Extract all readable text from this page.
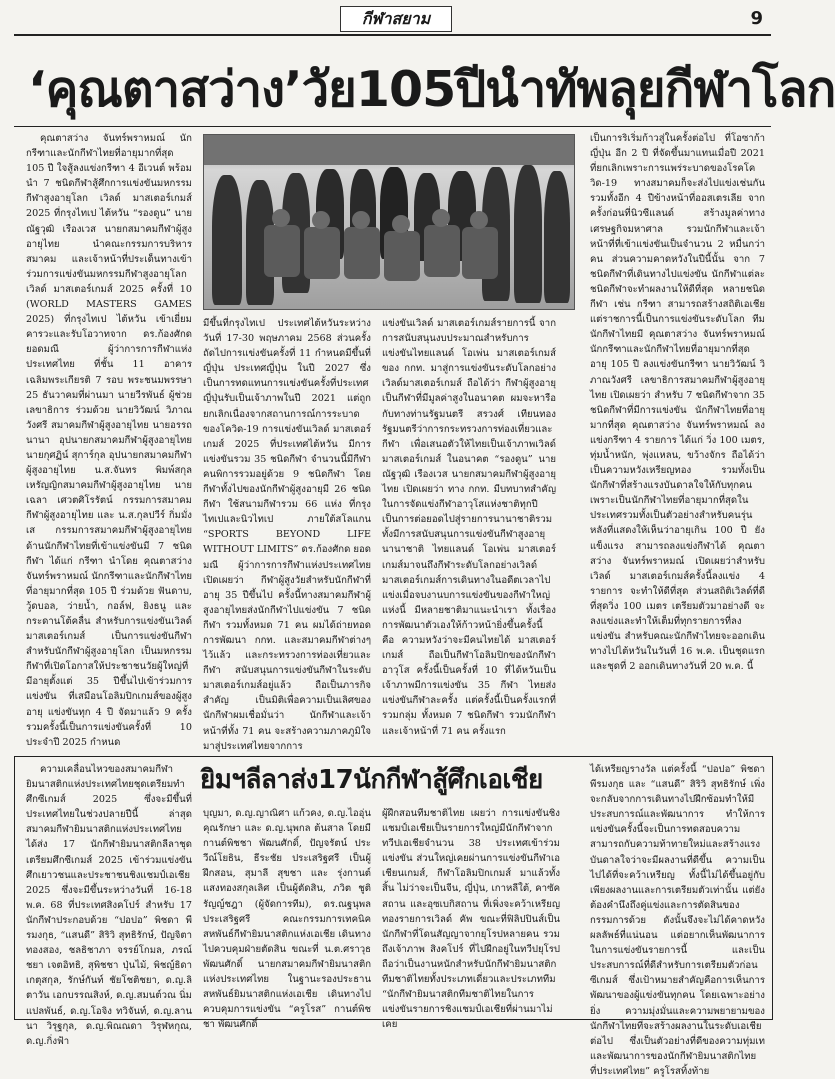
กีฬาสยาม	9
‘คุณตาสว่าง’วัย105ปีนำทัพลุยกีฬาโลก

คุณตาสว่าง จันทร์พราหมณ์ นักกรีฑาและนักกีฬาไทยที่อายุมากที่สุด 105 ปี ใจสู้ลงแข่งกรีฑา 4 อีเวนต์ พร้อมนำ 7 ชนิดกีฬาสู้ศึกการแข่งขันมหกรรมกีฬาสูงอายุโลก เวิลด์ มาสเตอร์เกมส์ 2025 ที่กรุงไทเป ไต้หวัน “รองดูน” นายณัฐวุฒิ เรืองเวส นายกสมาคมกีฬาผู้สูงอายุไทย นำคณะกรรมการบริหารสมาคม และเจ้าหน้าที่ประเด็นทางเข้าร่วมการแข่งขันมหกรรมกีฬาสูงอายุโลก เวิลด์ มาสเตอร์เกมส์ 2025 ครั้งที่ 10 (WORLD MASTERS GAMES 2025) ที่กรุงไทเป ไต้หวัน เข้าเยี่ยมคารวะและรับโอวาทจาก ดร.ก้องศักด ยอดมณี ผู้ว่าการการกีฬาแห่งประเทศไทย ที่ชั้น 11 อาคารเฉลิมพระเกียรติ 7 รอบ พระชนมพรรษา 25 ธันวาคมที่ผ่านมา นายวีรพันธ์ ผู้ช่วยเลขาธิการ ร่วมด้วย นายวิวัฒน์ วิภาณวังศรี สมาคมกีฬาผู้สูงอายุไทย นายอรรถ นานา อุปนายกสมาคมกีฬาผู้สูงอายุไทย นายกุศฏิน์ สุการ์กุล อุปนายกสมาคมกีฬาผู้สูงอายุไทย น.ส.จันทร พิมพ์สกุล เหรัญญิกสมาคมกีฬาผู้สูงอายุไทย นายเฉลา เศวตศิโรรัตน์ กรรมการสมาคมกีฬาผู้สูงอายุไทย และ น.ส.กุลปวีร์ กิ่มมั่งเส กรรมการสมาคมกีฬาผู้สูงอายุไทย ด้านนักกีฬาไทยที่เข้าแข่งขันมี 7 ชนิดกีฬา ได้แก่ กรีฑา นำโดย คุณตาสว่าง จันทร์พราหมณ์ นักกรีฑาและนักกีฬาไทยที่อายุมากที่สุด 105 ปี ร่วมด้วย ฟันดาบ, วู้ดบอล, ว่ายน้ำ, กอล์ฟ, ยิงธนู และกระดานโต้คลื่น สำหรับการแข่งขันเวิลด์ มาสเตอร์เกมส์ เป็นการแข่งขันกีฬาสำหรับนักกีฬาผู้สูงอายุโลก เป็นมหกรรมกีฬาที่เปิดโอกาสให้ประชาชนวัยผู้ใหญ่ที่มีอายุตั้งแต่ 35 ปีขึ้นไปเข้าร่วมการแข่งขัน ที่เสมือนโอลิมปิกเกมส์ของผู้สูงอายุ แข่งขันทุก 4 ปี จัดมาแล้ว 9 ครั้ง รวมครั้งนี้เป็นการแข่งขันครั้งที่ 10 ประจำปี 2025 กำหนด

มีขึ้นที่กรุงไทเป ประเทศไต้หวันระหว่างวันที่ 17-30 พฤษภาคม 2568 ส่วนครั้งถัดไปการแข่งขันครั้งที่ 11 กำหนดมีขึ้นที่ญี่ปุ่น ประเทศญี่ปุ่น ในปี 2027 ซึ่งเป็นการทดแทนการแข่งขันครั้งที่ประเทศญี่ปุ่นรับเป็นเจ้าภาพในปี 2021 แต่ถูกยกเลิกเนื่องจากสถานการณ์การระบาดของโควิด-19 การแข่งขันเวิลด์ มาสเตอร์เกมส์ 2025 ที่ประเทศไต้หวัน มีการแข่งขันรวม 35 ชนิดกีฬา จำนวนนี้มีกีฬาคนพิการรวมอยู่ด้วย 9 ชนิดกีฬา โดยกีฬาทั้งไปของนักกีฬาผู้สูงอายุมี 26 ชนิดกีฬา ใช้สนามกีฬารวม 66 แห่ง ที่กรุงไทเปและนิวไทเป ภายใต้สโลแกน “SPORTS BEYOND LIFE WITHOUT LIMITS” ดร.ก้องศักด ยอดมณี ผู้ว่าการการกีฬาแห่งประเทศไทย เปิดเผยว่า กีฬาผู้สูงวัยสำหรับนักกีฬาที่อายุ 35 ปีขึ้นไป ครั้งนี้ทางสมาคมกีฬาผู้สูงอายุไทยส่งนักกีฬาไปแข่งขัน 7 ชนิดกีฬา รวมทั้งหมด 71 คน ผมได้ถ่ายทอดการพัฒนา กกท. และสมาคมกีฬาต่างๆ ไว้แล้ว และกระทรวงการท่องเที่ยวและกีฬา สนับสนุนการแข่งขันกีฬาในระดับมาสเตอร์เกมส์อยู่แล้ว ถือเป็นภารกิจสำคัญ เป็นมิติเพื่อความเป็นเลิศของนักกีฬาผมเชื่อมั่นว่า นักกีฬาและเจ้าหน้าที่ทั้ง 71 คน จะสร้างความภาคภูมิใจมาสู่ประเทศไทยจากการ

แข่งขันเวิลด์ มาสเตอร์เกมส์รายการนี้ จากการสนับสนุนงบประมาณสำหรับการแข่งขันไทยแลนด์ โอเพ่น มาสเตอร์เกมส์ ของ กกท. มาสู่การแข่งขันระดับโลกอย่างเวิลด์มาสเตอร์เกมส์ ถือได้ว่า กีฬาผู้สูงอายุเป็นกีฬาที่มีมูลค่าสูงในอนาคต ผมจะหารือกับทางท่านรัฐมนตรี สรวงศ์ เทียนทอง รัฐมนตรีว่าการกระทรวงการท่องเที่ยวและกีฬา เพื่อเสนอตัวให้ไทยเป็นเจ้าภาพเวิลด์ มาสเตอร์เกมส์ ในอนาคต “รองดูน” นายณัฐวุฒิ เรืองเวส นายกสมาคมกีฬาผู้สูงอายุไทย เปิดเผยว่า ทาง กกท. มีบทบาทสำคัญในการจัดแข่งกีฬาอาวุโสแห่งชาติทุกปี เป็นการต่อยอดไปสู่รายการนานาชาติรวมทั้งมีการสนับสนุนการแข่งขันกีฬาสูงอายุนานาชาติ ไทยแลนด์ โอเพ่น มาสเตอร์เกมส์มาจนถึงกีฬาระดับโลกอย่างเวิลด์ มาสเตอร์เกมส์การเดินทางในอดีตเวลาไปแข่งเมื่อจบงานบการแข่งขันของกีฬาใหญ่แห่งนี้ มีหลายชาติมาแนะนำเรา ทั้งเรื่องการพัฒนาตัวเองให้ก้าวหน้ายิ่งขึ้นครั้งนี้ คือ ความหวังว่าจะมีคนไทยได้ มาสเตอร์เกมส์ ถือเป็นกีฬาโอลิมปิกของนักกีฬาอาวุโส ครั้งนี้เป็นครั้งที่ 10 ที่ได้หวันเป็นเจ้าภาพมีการแข่งขัน 35 กีฬา ไทยส่งแข่งขันกีฬาละครั้ง แต่ครั้งนี้เป็นครั้งแรกที่รวมกลุ่ม ทั้งหมด 7 ชนิดกีฬา รวมนักกีฬาและเจ้าหน้าที่ 71 คน ครั้งแรก

เป็นการริเริ่มก้าวสู่ในครั้งต่อไป ที่โอซาก้า ญี่ปุ่น อีก 2 ปี ที่จัดขึ้นมาแทนเมื่อปี 2021 ที่ยกเลิกเพราะการแพร่ระบาดของโรคโควิด-19 ทางสมาคมก็จะส่งไปแข่งเช่นกัน รวมทั้งอีก 4 ปีข้างหน้าที่ออสเตรเลีย จากครั้งก่อนที่นิวซีแลนด์ สร้างมูลค่าทางเศรษฐกิจมหาศาล รวมนักกีฬาและเจ้าหน้าที่ที่เข้าแข่งขันเป็นจำนวน 2 หมื่นกว่าคน ส่วนความคาดหวังในปีนี้นั้น จาก 7 ชนิดกีฬาที่เดินทางไปแข่งขัน นักกีฬาแต่ละชนิดกีฬาจะทำผลงานให้ดีที่สุด หลายชนิดกีฬา เช่น กรีฑา สามารถสร้างสถิติเอเชีย แต่ราชการนี้เป็นการแข่งขันระดับโลก ทีมนักกีฬาไทยมี คุณตาสว่าง จันทร์พราหมณ์ นักกรีฑาและนักกีฬาไทยที่อายุมากที่สุด อายุ 105 ปี ลงแข่งขันกรีฑา นายวิวัฒน์ วิภาณวังศรี เลขาธิการสมาคมกีฬาผู้สูงอายุไทย เปิดเผยว่า สำหรับ 7 ชนิดกีฬาจาก 35 ชนิดกีฬาที่มีการแข่งขัน นักกีฬาไทยที่อายุมากที่สุด คุณตาสว่าง จันทร์พราหมณ์ ลงแข่งกรีฑา 4 รายการ ได้แก่ วิ่ง 100 เมตร, ทุ่มน้ำหนัก, พุ่งแหลน, ขว้างจักร ถือได้ว่า เป็นความหวังเหรียญทอง รวมทั้งเป็นนักกีฬาที่สร้างแรงบันดาลใจให้กับทุกคนเพราะเป็นนักกีฬาไทยที่อายุมากที่สุดในประเทศรวมทั้งเป็นตัวอย่างสำหรับคนรุ่นหลังที่แสดงให้เห็นว่าอายุเกิน 100 ปี ยังแข็งแรง สามารถลงแข่งกีฬาได้ คุณตาสว่าง จันทร์พราหมณ์ เปิดเผยว่าสำหรับเวิลด์ มาสเตอร์เกมส์ครั้งนี้ลงแข่ง 4 รายการ จะทำให้ดีที่สุด ส่วนสถิติเวิลด์ที่ดีที่สุดวิ่ง 100 เมตร เตรียมตัวมาอย่างดี จะลงแข่งและทำให้เต็มที่ทุกรายการที่ลงแข่งขัน สำหรับคณะนักกีฬาไทยจะออกเดินทางไปไต้หวันในวันที่ 16 พ.ค. เป็นชุดแรก และชุดที่ 2 ออกเดินทางวันที่ 20 พ.ค. นี้

ยิมฯลีลาส่ง17นักกีฬาสู้ศึกเอเชีย

ความเคลื่อนไหวของสมาคมกีฬายิมนาสติกแห่งประเทศไทยชุดเตรียมทำศึกซีเกมส์ 2025 ซึ่งจะมีขึ้นที่ประเทศไทยในช่วงปลายปีนี้ ล่าสุดสมาคมกีฬายิมนาสติกแห่งประเทศไทยได้ส่ง 17 นักกีฬายิมนาสติกลีลาชุดเตรียมศึกซีเกมส์ 2025 เข้าร่วมแข่งขันศึกเยาวชนและประชาชนชิงแชมป์เอเชีย 2025 ซึ่งจะมีขึ้นระหว่างวันที่ 16-18 พ.ค. 68 ที่ประเทศสิงคโปร์ สำหรับ 17 นักกีฬาประกอบด้วย “ปอปอ” พิชดา พีรมงกุธ, “แสนดี” สิริวิ สุทธิรักษ์, ปัญจิตา ทองสอง, ชลธิชาภา จรรย์โกมล, ภรณ์ชยา เจตอิทธิ, สุพิชชา ปุ่นไม้, พิชญ์ธิดา เกตุสกุล, รักษ์กันท์ ชัยโชติชยา, ด.ญ.ลิตาวัน เอกบรรณสิงห์, ด.ญ.สมนต์วณ นิ่มแปลพันธ์, ด.ญ.โอจิง ทวิจันท์, ด.ญ.ลานนา วิรุฐกุล, ด.ญ.พิณณดา วิรุฬหกุณ, ด.ญ.กิ่งฟ้า

บุญมา, ด.ญ.ญาณิศา แก้วคง, ด.ญ.ไออุ่น คุณรักษา และ ด.ญ.นุพกล ต้นสาล โดยมี กานต์พิชชา พัฒนศักดิ์, ปัญจรัตน์ ประวีณ์โยธิน, ธีระชัย ประเสริฐศรี เป็นผู้ฝึกสอน, สุมาลี สุขชา และ รุ่งกานต์ แสงทองสกุลเลิศ เป็นผู้ตัดสิน, ภวิต ชูติรัญญ์ชฎา (ผู้จัดการทีม), ดร.ณฐนุพล ประเสริฐศรี คณะกรรมการเทคนิค สหพันธ์กีฬายิมนาสติกแห่งเอเชีย เดินทางไปควบคุมฝ่ายตัดสิน ขณะที่ น.ต.ศราวุธ พัฒนศักดิ์ นายกสมาคมกีฬายิมนาสติกแห่งประเทศไทย ในฐานะรองประธานสหพันธ์ยิมนาสติกแห่งเอเชีย เดินทางไปควบคุมการแข่งขัน “ครูโรส” กานต์พิชชา พัฒนศักดิ์

ผู้ฝึกสอนทีมชาติไทย เผยว่า การแข่งขันชิงแชมป์เอเชียเป็นรายการใหญ่มีนักกีฬาจากทวีปเอเชียจำนวน 38 ประเทศเข้าร่วมแข่งขัน ส่วนใหญ่เคยผ่านการแข่งขันกีฬาเอเชียนเกมส์, กีฬาโอลิมปิกเกมส์ มาแล้วทั้งสิ้น ไม่ว่าจะเป็นจีน, ญี่ปุ่น, เกาหลีใต้, คาซัคสถาน และอุซเบกิสถาน ที่เพิ่งจะคว้าเหรียญทองรายการเวิลด์ คัพ ขณะที่ฟิลิปปินส์เป็นนักกีฬาที่โดนสัญญาจากยุโรปหลายคน รวมถึงเจ้าภาพ สิงคโปร์ ที่ไปฝึกอยู่ในทวีปยุโรป ถือว่าเป็นงานหนักสำหรับนักกีฬายิมนาสติกทีมชาติไทยทั้งประเภทเดี่ยวและประเภททีม “นักกีฬายิมนาสติกทีมชาติไทยในการแข่งขันรายการชิงแชมป์เอเชียที่ผ่านมาไม่เคย

ได้เหรียญรางวัล แต่ครั้งนี้ “ปอปอ” พิชดา พีรมงกุธ และ “แสนดี” สิริวิ สุทธิรักษ์ เพิ่งจะกลับจากการเดินทางไปฝึกซ้อมทำให้มีประสบการณ์และพัฒนาการ ทำให้การแข่งขันครั้งนี้จะเป็นการทดสอบความสามารถกับความท้าทายใหม่และสร้างแรงบันดาลใจว่าจะมีผลงานที่ดีขึ้น ความเป็นไปได้ที่จะคว้าเหรียญ ทั้งนี้ไม่ได้ขึ้นอยู่กับเพียงผลงานและการเตรียมตัวเท่านั้น แต่ยังต้องคำนึงถึงคู่แข่งและการตัดสินของกรรมการด้วย ดังนั้นจึงจะไม่ได้คาดหวังผลลัพธ์ที่แน่นอน แต่อยากเห็นพัฒนาการในการแข่งขันรายการนี้ และเป็นประสบการณ์ที่ดีสำหรับการเตรียมตัวก่อนซีเกมส์ ซึ่งเป้าหมายสำคัญคือการเห็นการพัฒนาของผู้แข่งขันทุกคน โดยเฉพาะอย่างยิ่ง ความมุ่งมั่นและความพยายามของนักกีฬาไทยที่จะสร้างผลงานในระดับเอเชียต่อไป ซึ่งเป็นตัวอย่างที่ดีของความทุ่มเทและพัฒนาการของนักกีฬายิมนาสติกไทย ที่ประเทศไทย” ครูโรสทิ้งท้าย
